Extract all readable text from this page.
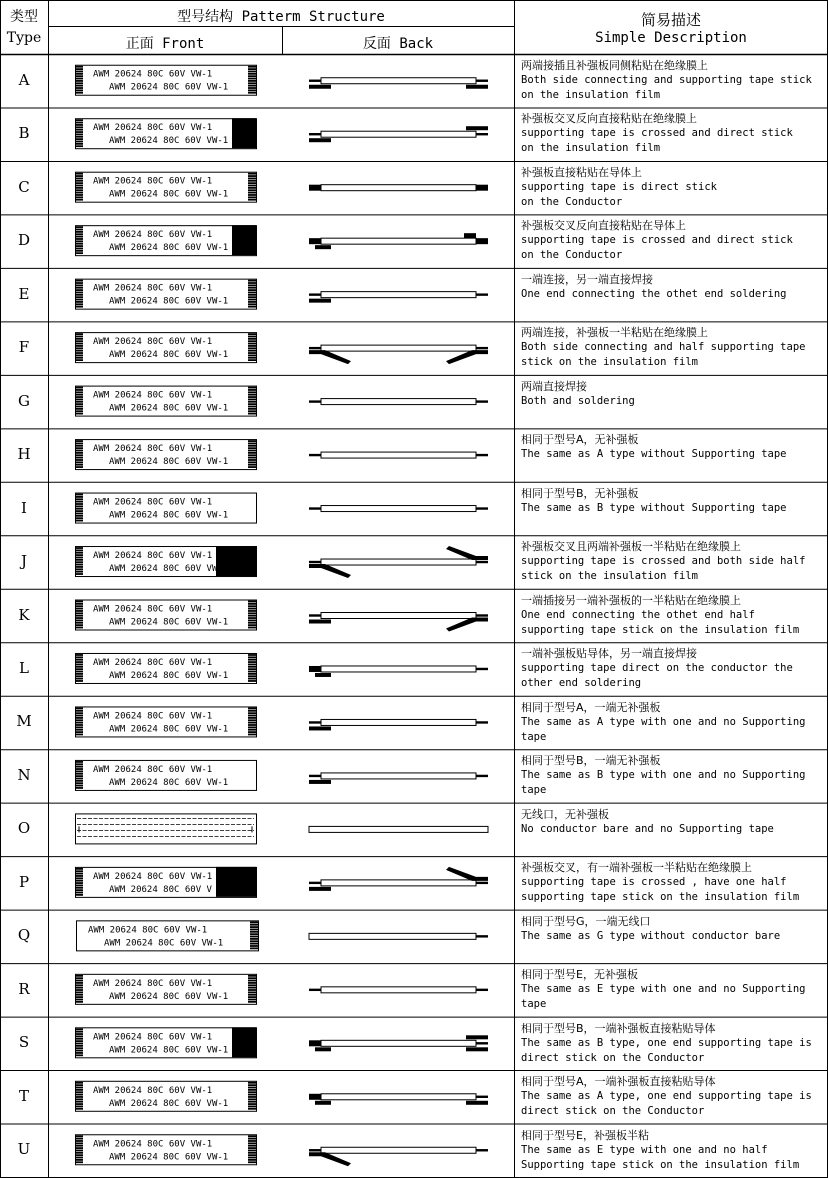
AWM 20624 80C 60V VW-1
AWM 20624 80C 60V VW-1
AWM 20624 80C 60V VW-1
AWM 20624 80C 60V VW-1
AWM 20624 80C 60V VW-1
AWM 20624 80C 60V VW-1
AWM 20624 80C 60V VW-1
AWM 20624 80C 60V VW-1
AWM 20624 80C 60V VW-1
AWM 20624 80C 60V VW-1
AWM 20624 80C 60V VW-1
AWM 20624 80C 60V VW-1
AWM 20624 80C 60V VW-1
AWM 20624 80C 60V VW-1
AWM 20624 80C 60V VW-1
AWM 20624 80C 60V VW-1
AWM 20624 80C 60V VW-1
AWM 20624 80C 60V VW-1
AWM 20624 80C 60V VW-1
AWM 20624 80C 60V VW
AWM 20624 80C 60V VW-1
AWM 20624 80C 60V VW-1
AWM 20624 80C 60V VW-1
AWM 20624 80C 60V VW-1
AWM 20624 80C 60V VW-1
AWM 20624 80C 60V VW-1
AWM 20624 80C 60V VW-1
AWM 20624 80C 60V VW-1
AWM 20624 80C 60V VW-1
AWM 20624 80C 60V V
AWM 20624 80C 60V VW-1
AWM 20624 80C 60V VW-1
AWM 20624 80C 60V VW-1
AWM 20624 80C 60V VW-1
AWM 20624 80C 60V VW-1
AWM 20624 80C 60V VW-1
AWM 20624 80C 60V VW-1
AWM 20624 80C 60V VW-1
AWM 20624 80C 60V VW-1
AWM 20624 80C 60V VW-1
类型
Type
型号结构 Patterm Structure
正面 Front	反面 Back
简易描述
Simple Description
A
两端接插且补强板同侧粘贴在绝缘膜上
Both side connecting and supporting tape stick
on the insulation film
B
补强板交叉反向直接粘贴在绝缘膜上
supporting tape is crossed and direct stick
on the insulation film
C
补强板直接粘贴在导体上
supporting tape is direct stick
on the Conductor
D
补强板交叉反向直接粘贴在导体上
supporting tape is crossed and direct stick
on the Conductor
E
一端连接，另一端直接焊接
One end connecting the othet end soldering
F
两端连接，补强板一半粘贴在绝缘膜上
Both side connecting and half supporting tape
stick on the insulation film
G
两端直接焊接
Both and soldering
H
相同于型号A，无补强板
The same as A type without Supporting tape
I
相同于型号B，无补强板
The same as B type without Supporting tape
J
补强板交叉且两端补强板一半粘贴在绝缘膜上
supporting tape is crossed and both side half
stick on the insulation film
K
一端插接另一端补强板的一半粘贴在绝缘膜上
One end connecting the othet end half
supporting tape stick on the insulation film
L
一端补强板贴导体，另一端直接焊接
supporting tape direct on the conductor the
other end soldering
M
相同于型号A，一端无补强板
The same as A type with one and no Supporting
tape
N
相同于型号B，一端无补强板
The same as B type with one and no Supporting
tape
O
无线口，无补强板
No conductor bare and no Supporting tape
P
补强板交叉，有一端补强板一半粘贴在绝缘膜上
supporting tape is crossed , have one half
supporting tape stick on the insulation film
Q
相同于型号G，一端无线口
The same as G type without conductor bare
R
相同于型号E，无补强板
The same as E type with one and no Supporting
tape
S
相同于型号B，一端补强板直接粘贴导体
The same as B type, one end supporting tape is
direct stick on the Conductor
T
相同于型号A，一端补强板直接粘贴导体
The same as A type, one end supporting tape is
direct stick on the Conductor
U
相同于型号E，补强板半粘
The same as E type with one and no half
Supporting tape stick on the insulation film
